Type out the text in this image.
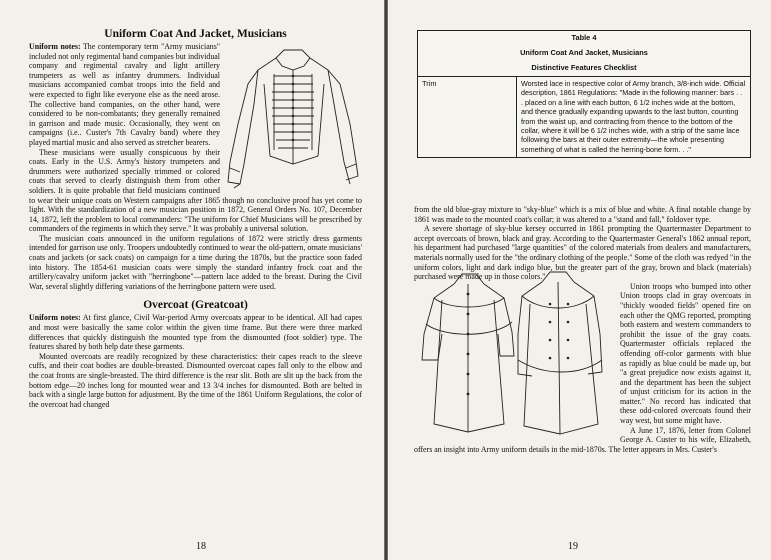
Uniform Coat And Jacket, Musicians

Uniform notes: The contemporary term "Army musicians" included not only regimental band companies but individual company and regimental cavalry and light artillery trumpeters as well as infantry drummers. Individual musicians accompanied combat troops into the field and were expected to fight like everyone else as the need arose. The collective band companies, on the other hand, were considered to be non-combatants; they generally remained in garrison and made music. Occasionally, they went on campaigns (i.e.. Custer's 7th Cavalry band) where they played martial music and also served as stretcher bearers.

These musicians were usually conspicuous by their coats. Early in the U.S. Army's history trumpeters and drummers were authorized specially trimmed or colored coats that served to clearly distinguish them from other soldiers. It is quite probable that field musicians continued to wear their unique coats on Western campaigns after 1865 though no conclusive proof has yet come to light. With the standardization of a new musician position in 1872, General Orders No. 107, December 14, 1872, left the problem to local commanders: "The uniform for Chief Musicians will be prescribed by commanders of the regiments in which they serve." It was probably a universal solution.

The musician coats announced in the uniform regulations of 1872 were strictly dress garments intended for garrison use only. Troopers undoubtedly continued to wear the old-pattern, ornate musicians' coats and jackets (or sack coats) on campaign for a time during the 1870s, but the practice soon faded into history. The 1854-61 musician coats were simply the standard infantry frock coat and the artillery/cavalry uniform jacket with "herringbone"—pattern lace added to the breast. During the Civil War, several slightly differing variations of the herringbone pattern were used.

Overcoat (Greatcoat)

Uniform notes: At first glance, Civil War-period Army overcoats appear to be identical. All had capes and most were basically the same color within the given time frame. But there were three marked differences that quickly distinguish the mounted type from the dismounted (foot soldier) type. The features shared by both help date these garments.

Mounted overcoats are readily recognized by these characteristics: their capes reach to the sleeve cuffs, and their coat bodies are double-breasted. Dismounted overcoat capes fall only to the elbow and the coat fronts are single-breasted. The third difference is the rear slit. Both are slit up the back from the bottom edge—20 inches long for mounted wear and 13 3/4 inches for dismounted. Both are belted in back with a single large button for adjustment. By the time of the 1861 Uniform Regulations, the color of the overcoat had changed

18
Table 4
Uniform Coat And Jacket, Musicians
Distinctive Features Checklist
Trim	Worsted lace in respective color of Army branch, 3/8-inch wide. Official description, 1861 Regulations: "Made in the following manner: bars . . . placed on a line with each button, 6 1/2 inches wide at the bottom, and thence gradually expanding upwards to the last button, counting from the waist up, and contracting from thence to the bottom of the collar, where it will be 6 1/2 inches wide, with a strip of the same lace following the bars at their outer extremity—the whole presenting something of what is called the herring-bone form. . ."

from the old blue-gray mixture to "sky-blue" which is a mix of blue and white. A final notable change by 1861 was made to the mounted coat's collar; it was altered to a "stand and fall," foldover type.

A severe shortage of sky-blue kersey occurred in 1861 prompting the Quartermaster Department to accept overcoats of brown, black and gray. According to the Quartermaster General's 1862 annual report, his department had purchased "large quantities" of the colored materials from dealers and manufacturers, materials normally used for the "the ordinary clothing of the people." Some of the cloth was redyed "in the uniform colors, light and dark indigo blue, but the greater part of the gray, brown and black (materials) purchased were made up in those colors."

Union troops who bumped into other Union troops clad in gray overcoats in "thickly wooded fields" opened fire on each other the QMG reported, prompting both eastern and western commanders to prohibit the issue of the gray coats. Quartermaster officials replaced the offending off-color garments with blue as rapidly as blue could be made up, but "a great prejudice now exists against it, and the department has been the subject of unjust criticism for its action in the matter." No record has indicated that these odd-colored overcoats found their way west, but some might have.

A June 17, 1876, letter from Colonel George A. Custer to his wife, Elizabeth, offers an insight into Army uniform details in the mid-1870s. The letter appears in Mrs. Custer's

19
